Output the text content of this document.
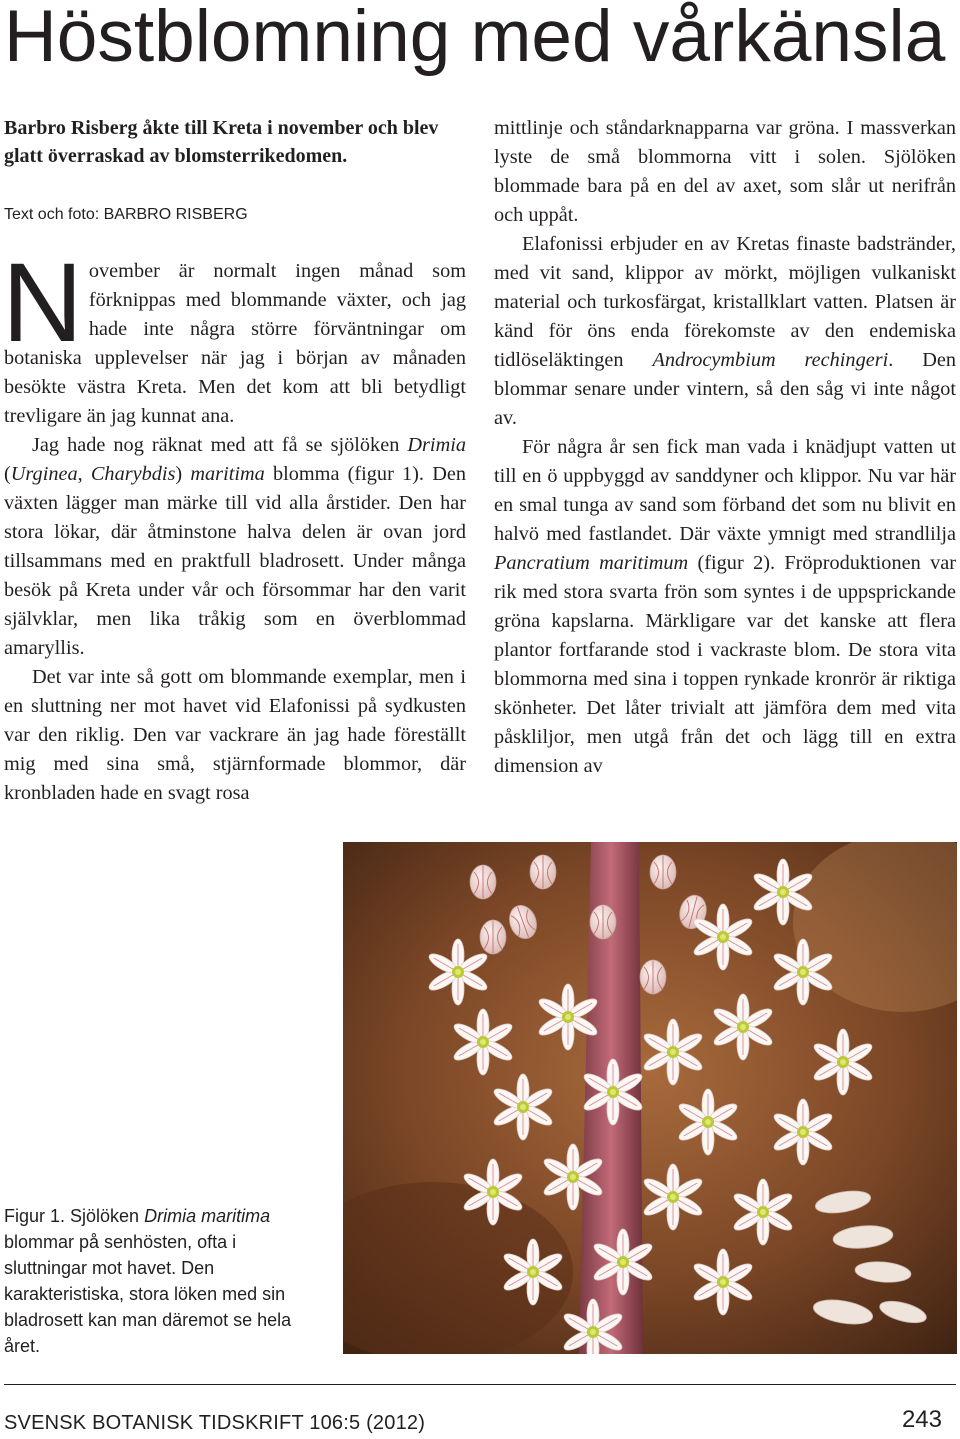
Höstblomning med vårkänsla

Barbro Risberg åkte till Kreta i november och blev glatt överraskad av blomsterrikedomen.

Text och foto: BARBRO RISBERG

November är normalt ingen månad som förknippas med blommande växter, och jag hade inte några större förväntningar om botaniska upplevelser när jag i början av månaden besökte västra Kreta. Men det kom att bli betydligt trevligare än jag kunnat ana.

Jag hade nog räknat med att få se sjölöken Drimia (Urginea, Charybdis) maritima blomma (figur 1). Den växten lägger man märke till vid alla årstider. Den har stora lökar, där åtminstone halva delen är ovan jord tillsammans med en praktfull bladrosett. Under många besök på Kreta under vår och försommar har den varit självklar, men lika tråkig som en överblommad amaryllis.

Det var inte så gott om blommande exemplar, men i en sluttning ner mot havet vid Elafonissi på sydkusten var den riklig. Den var vackrare än jag hade föreställt mig med sina små, stjärnformade blommor, där kronbladen hade en svagt rosa

mittlinje och ståndarknapparna var gröna. I massverkan lyste de små blommorna vitt i solen. Sjölöken blommade bara på en del av axet, som slår ut nerifrån och uppåt.

Elafonissi erbjuder en av Kretas finaste badstränder, med vit sand, klippor av mörkt, möjligen vulkaniskt material och turkosfärgat, kristallklart vatten. Platsen är känd för öns enda förekomste av den endemiska tidlöseläktingen Androcymbium rechingeri. Den blommar senare under vintern, så den såg vi inte något av.

För några år sen fick man vada i knädjupt vatten ut till en ö uppbyggd av sanddyner och klippor. Nu var här en smal tunga av sand som förband det som nu blivit en halvö med fastlandet. Där växte ymnigt med strandlilja Pancratium maritimum (figur 2). Fröproduktionen var rik med stora svarta frön som syntes i de uppsprickande gröna kapslarna. Märkligare var det kanske att flera plantor fortfarande stod i vackraste blom. De stora vita blommorna med sina i toppen rynkade kronrör är riktiga skönheter. Det låter trivialt att jämföra dem med vita påskliljor, men utgå från det och lägg till en extra dimension av

Figur 1. Sjölöken Drimia maritima blommar på senhösten, ofta i sluttningar mot havet. Den karakteristiska, stora löken med sin bladrosett kan man däremot se hela året.

SVENSK BOTANISK TIDSKRIFT 106:5 (2012)	243
